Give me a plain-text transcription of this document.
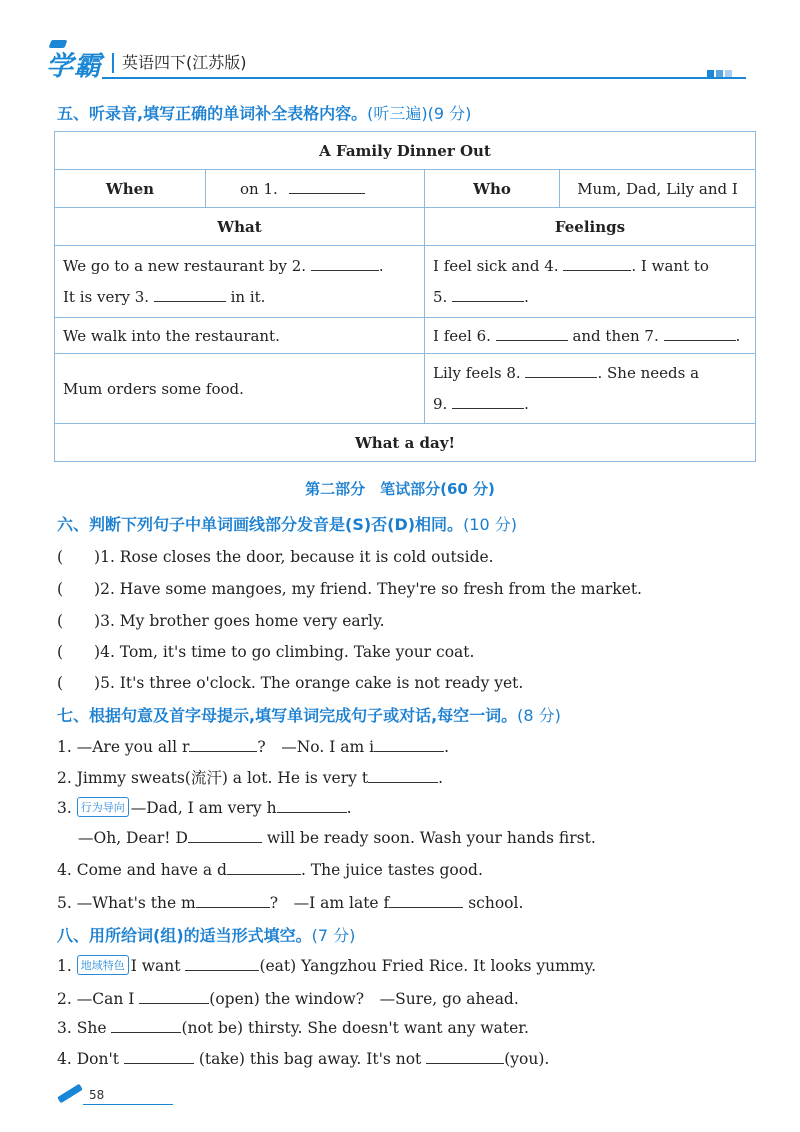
学霸 英语四下(江苏版)
五、听录音,填写正确的单词补全表格内容。(听三遍)(9 分)
A Family Dinner Out			
When	on 1.	Who	Mum, Dad, Lily and I
What		Feelings	
We go to a new restaurant by 2. .
It is very 3. in it.		I feel sick and 4. . I want to
5. .	
We walk into the restaurant.		I feel 6. and then 7. .	
Mum orders some food.		Lily feels 8. . She needs a
9. .	
What a day!			
第二部分　笔试部分(60 分)
六、判断下列句子中单词画线部分发音是(S)否(D)相同。(10 分)
(　　)1. Rose closes the door, because it is cold outside.
(　　)2. Have some mangoes, my friend. They're so fresh from the market.
(　　)3. My brother goes home very early.
(　　)4. Tom, it's time to go climbing. Take your coat.
(　　)5. It's three o'clock. The orange cake is not ready yet.
七、根据句意及首字母提示,填写单词完成句子或对话,每空一词。(8 分)
1. —Are you all r	?　—No. I am i	.
2. Jimmy sweats(流汗) a lot. He is very t	.
3. 行为导向 —Dad, I am very h	.
—Oh, Dear! D	will be ready soon. Wash your hands first.
4. Come and have a d	. The juice tastes good.
5. —What's the m	?　—I am late f	school.
八、用所给词(组)的适当形式填空。(7 分)
1. 地域特色 I want	(eat) Yangzhou Fried Rice. It looks yummy.
2. —Can I	(open) the window?　—Sure, go ahead.
3. She	(not be) thirsty. She doesn't want any water.
4. Don't	(take) this bag away. It's not	(you).
58
